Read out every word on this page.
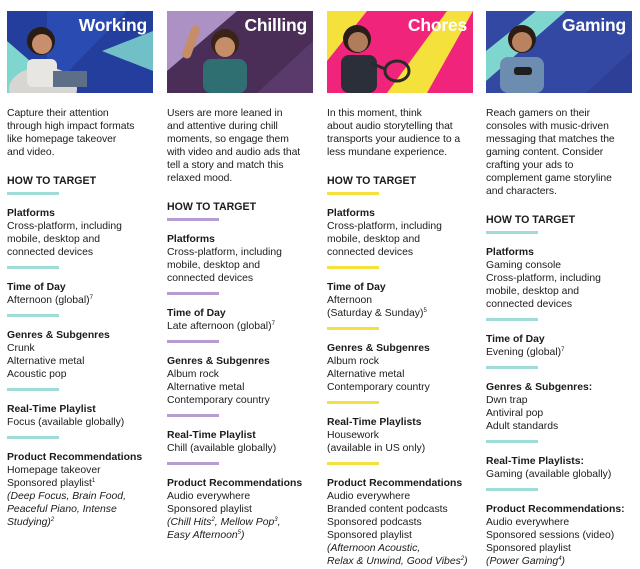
Working
Capture their attention
through high impact formats
like homepage takeover
and video.
HOW TO TARGET
Platforms
Cross-platform, including
mobile, desktop and
connected devices
Time of Day
Afternoon (global)$^7$
Genres & Subgenres
Crunk
Alternative metal
Acoustic pop
Real-Time Playlist
Focus (available globally)
Product Recommendations
Homepage takeover
Sponsored playlist$^1$
(Deep Focus, Brain Food,
Peaceful Piano, Intense
Studying)$^2$
Chilling
Users are more leaned in
and attentive during chill
moments, so engage them
with video and audio ads that
tell a story and match this
relaxed mood.
HOW TO TARGET
Platforms
Cross-platform, including
mobile, desktop and
connected devices
Time of Day
Late afternoon (global)$^7$
Genres & Subgenres
Album rock
Alternative metal
Contemporary country
Real-Time Playlist
Chill (available globally)
Product Recommendations
Audio everywhere
Sponsored playlist
(Chill Hits$^2$, Mellow Pop$^3$,
Easy Afternoon$^5$)
Chores
In this moment, think
about audio storytelling that
transports your audience to a
less mundane experience.
HOW TO TARGET
Platforms
Cross-platform, including
mobile, desktop and
connected devices
Time of Day
Afternoon
(Saturday & Sunday)$^5$
Genres & Subgenres
Album rock
Alternative metal
Contemporary country
Real-Time Playlists
Housework
(available in US only)
Product Recommendations
Audio everywhere
Branded content podcasts
Sponsored podcasts
Sponsored playlist
(Afternoon Acoustic,
Relax & Unwind, Good Vibes$^2$)
Gaming
Reach gamers on their
consoles with music-driven
messaging that matches the
gaming content. Consider
crafting your ads to
complement game storyline
and characters.
HOW TO TARGET
Platforms
Gaming console
Cross-platform, including
mobile, desktop and
connected devices
Time of Day
Evening (global)$^7$
Genres & Subgenres:
Dwn trap
Antiviral pop
Adult standards
Real-Time Playlists:
Gaming (available globally)
Product Recommendations:
Audio everywhere
Sponsored sessions (video)
Sponsored playlist
(Power Gaming$^4$)
